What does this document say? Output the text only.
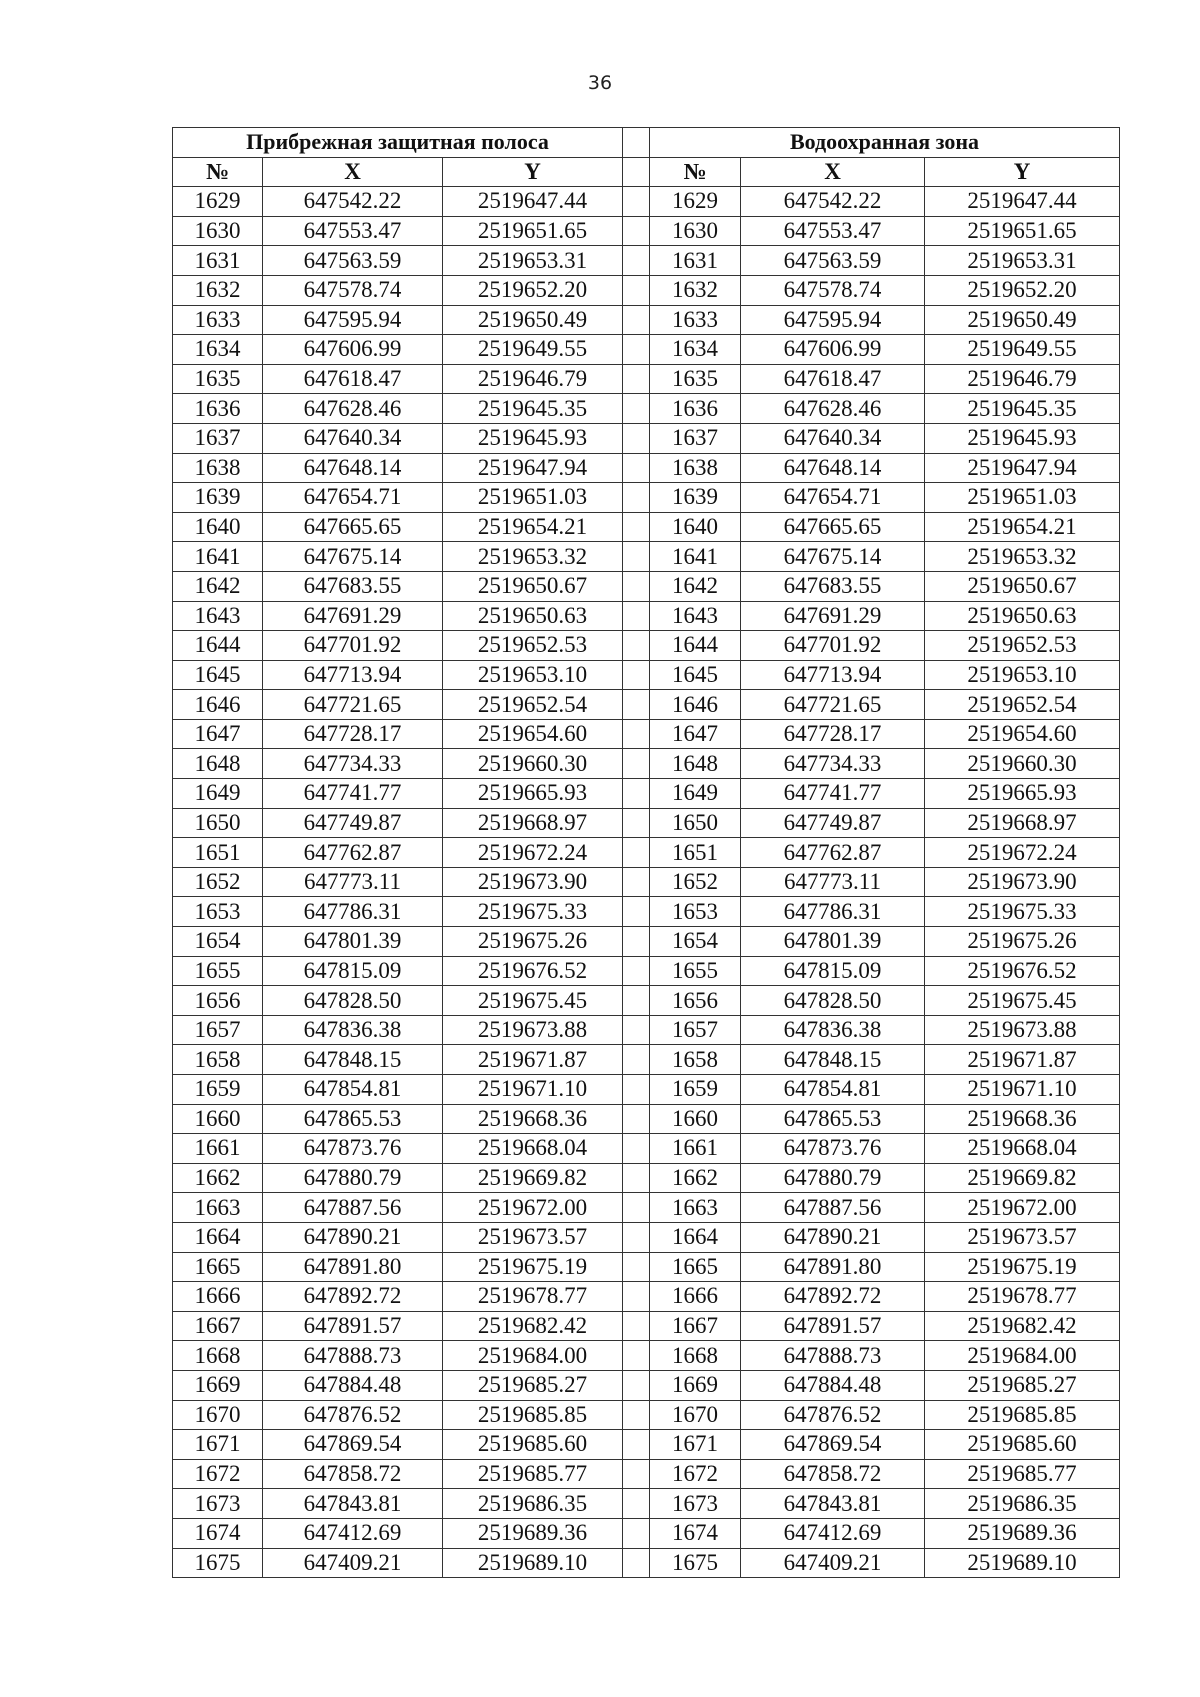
36
Прибрежная защитная полоса				Водоохранная зона		
№	X	Y		№	X	Y
1629	647542.22	2519647.44		1629	647542.22	2519647.44
1630	647553.47	2519651.65		1630	647553.47	2519651.65
1631	647563.59	2519653.31		1631	647563.59	2519653.31
1632	647578.74	2519652.20		1632	647578.74	2519652.20
1633	647595.94	2519650.49		1633	647595.94	2519650.49
1634	647606.99	2519649.55		1634	647606.99	2519649.55
1635	647618.47	2519646.79		1635	647618.47	2519646.79
1636	647628.46	2519645.35		1636	647628.46	2519645.35
1637	647640.34	2519645.93		1637	647640.34	2519645.93
1638	647648.14	2519647.94		1638	647648.14	2519647.94
1639	647654.71	2519651.03		1639	647654.71	2519651.03
1640	647665.65	2519654.21		1640	647665.65	2519654.21
1641	647675.14	2519653.32		1641	647675.14	2519653.32
1642	647683.55	2519650.67		1642	647683.55	2519650.67
1643	647691.29	2519650.63		1643	647691.29	2519650.63
1644	647701.92	2519652.53		1644	647701.92	2519652.53
1645	647713.94	2519653.10		1645	647713.94	2519653.10
1646	647721.65	2519652.54		1646	647721.65	2519652.54
1647	647728.17	2519654.60		1647	647728.17	2519654.60
1648	647734.33	2519660.30		1648	647734.33	2519660.30
1649	647741.77	2519665.93		1649	647741.77	2519665.93
1650	647749.87	2519668.97		1650	647749.87	2519668.97
1651	647762.87	2519672.24		1651	647762.87	2519672.24
1652	647773.11	2519673.90		1652	647773.11	2519673.90
1653	647786.31	2519675.33		1653	647786.31	2519675.33
1654	647801.39	2519675.26		1654	647801.39	2519675.26
1655	647815.09	2519676.52		1655	647815.09	2519676.52
1656	647828.50	2519675.45		1656	647828.50	2519675.45
1657	647836.38	2519673.88		1657	647836.38	2519673.88
1658	647848.15	2519671.87		1658	647848.15	2519671.87
1659	647854.81	2519671.10		1659	647854.81	2519671.10
1660	647865.53	2519668.36		1660	647865.53	2519668.36
1661	647873.76	2519668.04		1661	647873.76	2519668.04
1662	647880.79	2519669.82		1662	647880.79	2519669.82
1663	647887.56	2519672.00		1663	647887.56	2519672.00
1664	647890.21	2519673.57		1664	647890.21	2519673.57
1665	647891.80	2519675.19		1665	647891.80	2519675.19
1666	647892.72	2519678.77		1666	647892.72	2519678.77
1667	647891.57	2519682.42		1667	647891.57	2519682.42
1668	647888.73	2519684.00		1668	647888.73	2519684.00
1669	647884.48	2519685.27		1669	647884.48	2519685.27
1670	647876.52	2519685.85		1670	647876.52	2519685.85
1671	647869.54	2519685.60		1671	647869.54	2519685.60
1672	647858.72	2519685.77		1672	647858.72	2519685.77
1673	647843.81	2519686.35		1673	647843.81	2519686.35
1674	647412.69	2519689.36		1674	647412.69	2519689.36
1675	647409.21	2519689.10		1675	647409.21	2519689.10
